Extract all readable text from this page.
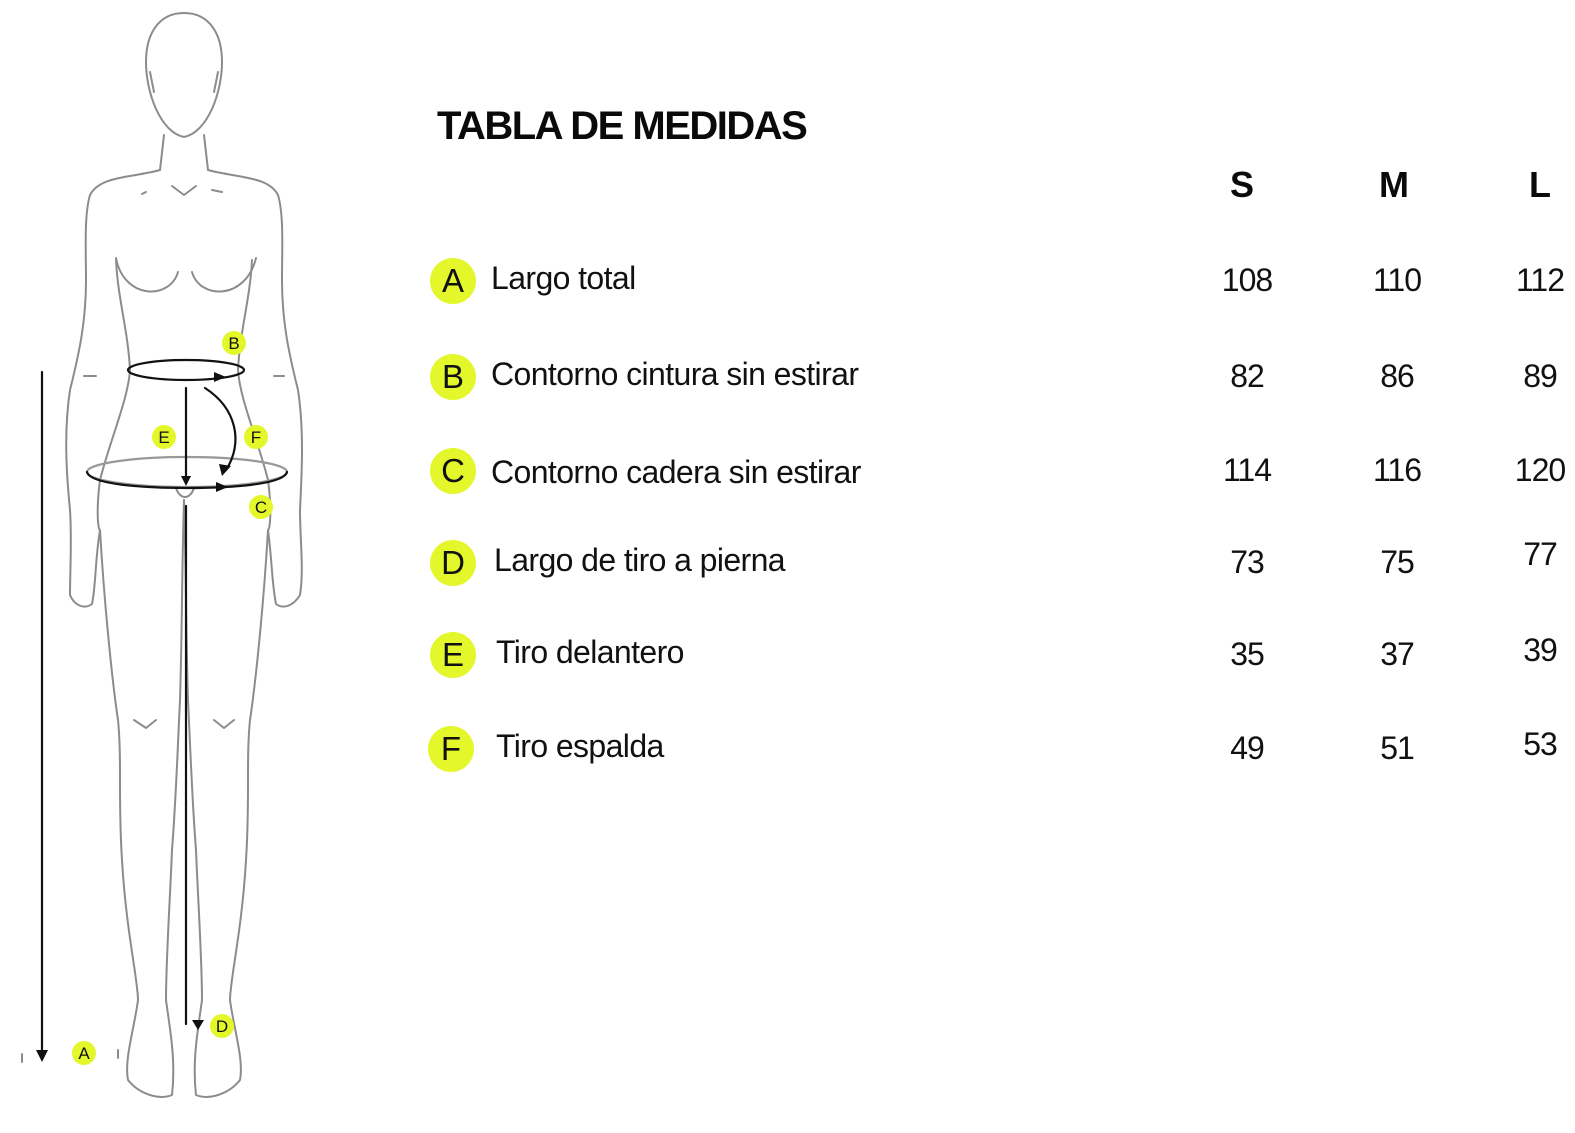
B
E	F
C
D
A
TABLA DE MEDIDAS
S	M	L
A Largo total	108	110	112
B Contorno cintura sin estirar	82	86	89
C Contorno cadera sin estirar	114	116	120
D Largo de tiro a pierna	73	75	77
E	Tiro delantero	35	37	39
F	Tiro espalda	49	51	53
